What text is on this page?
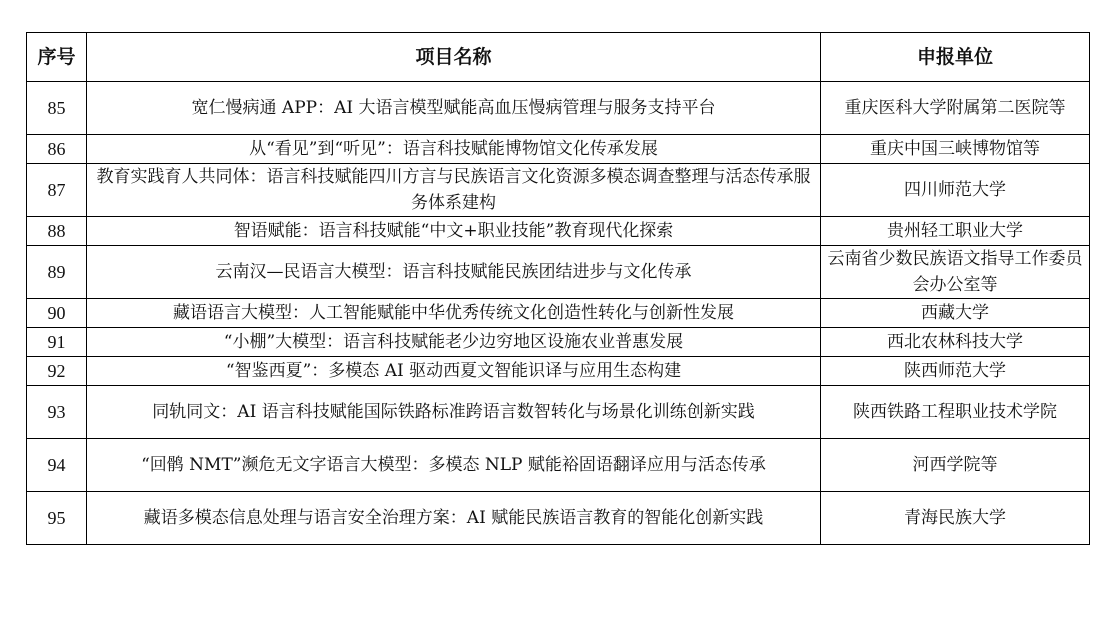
序号	项目名称	申报单位
85	宽仁慢病通 APP：AI 大语言模型赋能高血压慢病管理与服务支持平台	重庆医科大学附属第二医院等
86	从“看见”到“听见”：语言科技赋能博物馆文化传承发展	重庆中国三峡博物馆等
87	教育实践育人共同体：语言科技赋能四川方言与民族语言文化资源多模态调查整理与活态传承服务体系建构	四川师范大学
88	智语赋能：语言科技赋能“中文+职业技能”教育现代化探索	贵州轻工职业大学
89	云南汉—民语言大模型：语言科技赋能民族团结进步与文化传承	云南省少数民族语文指导工作委员会办公室等
90	藏语语言大模型：人工智能赋能中华优秀传统文化创造性转化与创新性发展	西藏大学
91	“小棚”大模型：语言科技赋能老少边穷地区设施农业普惠发展	西北农林科技大学
92	“智鉴西夏”：多模态 AI 驱动西夏文智能识译与应用生态构建	陕西师范大学
93	同轨同文：AI 语言科技赋能国际铁路标准跨语言数智转化与场景化训练创新实践	陕西铁路工程职业技术学院
94	“回鹘 NMT”濒危无文字语言大模型：多模态 NLP 赋能裕固语翻译应用与活态传承	河西学院等
95	藏语多模态信息处理与语言安全治理方案：AI 赋能民族语言教育的智能化创新实践	青海民族大学
